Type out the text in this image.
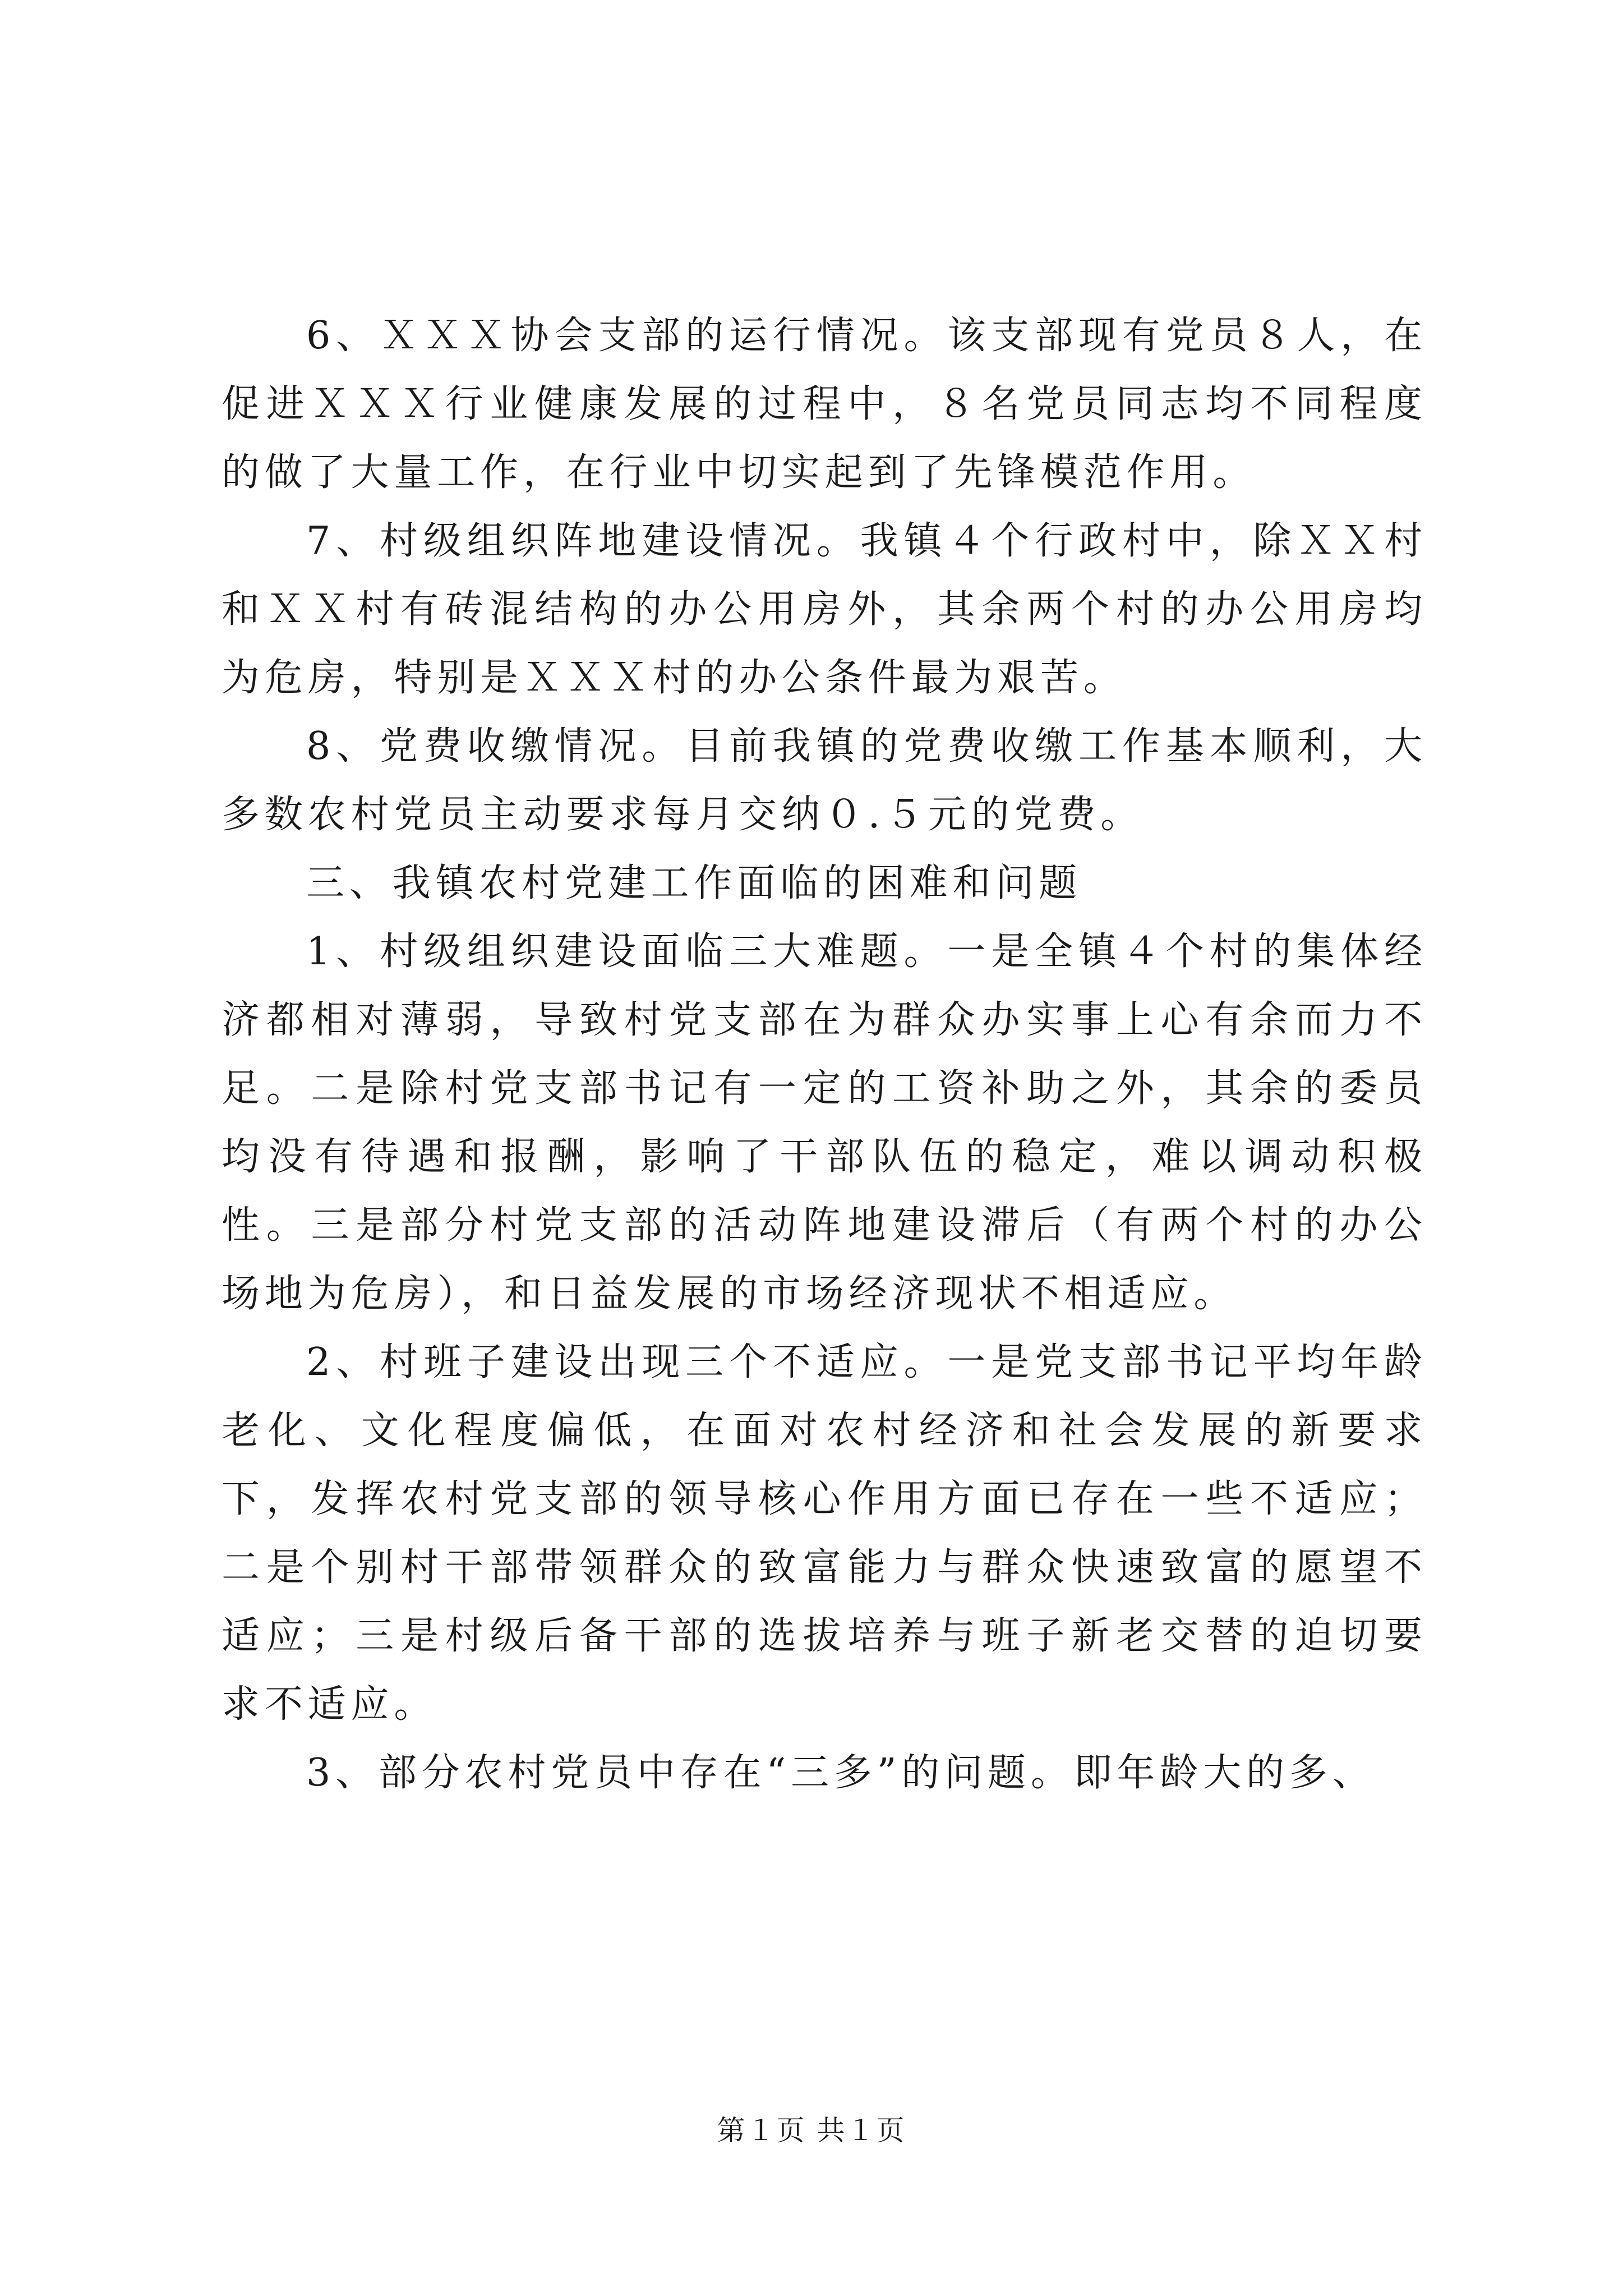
6、ＸＸＸ协会支部的运行情况。该支部现有党员８人，在促进ＸＸＸ行业健康发展的过程中，８名党员同志均不同程度的做了大量工作，在行业中切实起到了先锋模范作用。

7、村级组织阵地建设情况。我镇４个行政村中，除ＸＸ村和ＸＸ村有砖混结构的办公用房外，其余两个村的办公用房均为危房，特别是ＸＸＸ村的办公条件最为艰苦。

8、党费收缴情况。目前我镇的党费收缴工作基本顺利，大多数农村党员主动要求每月交纳０.５元的党费。

三、我镇农村党建工作面临的困难和问题

1、村级组织建设面临三大难题。一是全镇４个村的集体经济都相对薄弱，导致村党支部在为群众办实事上心有余而力不足。二是除村党支部书记有一定的工资补助之外，其余的委员均没有待遇和报酬，影响了干部队伍的稳定，难以调动积极性。三是部分村党支部的活动阵地建设滞后（有两个村的办公场地为危房），和日益发展的市场经济现状不相适应。

2、村班子建设出现三个不适应。一是党支部书记平均年龄老化、文化程度偏低，在面对农村经济和社会发展的新要求下，发挥农村党支部的领导核心作用方面已存在一些不适应；二是个别村干部带领群众的致富能力与群众快速致富的愿望不适应；三是村级后备干部的选拔培养与班子新老交替的迫切要求不适应。

3、部分农村党员中存在“三多”的问题。即年龄大的多、

第１页 共１页
